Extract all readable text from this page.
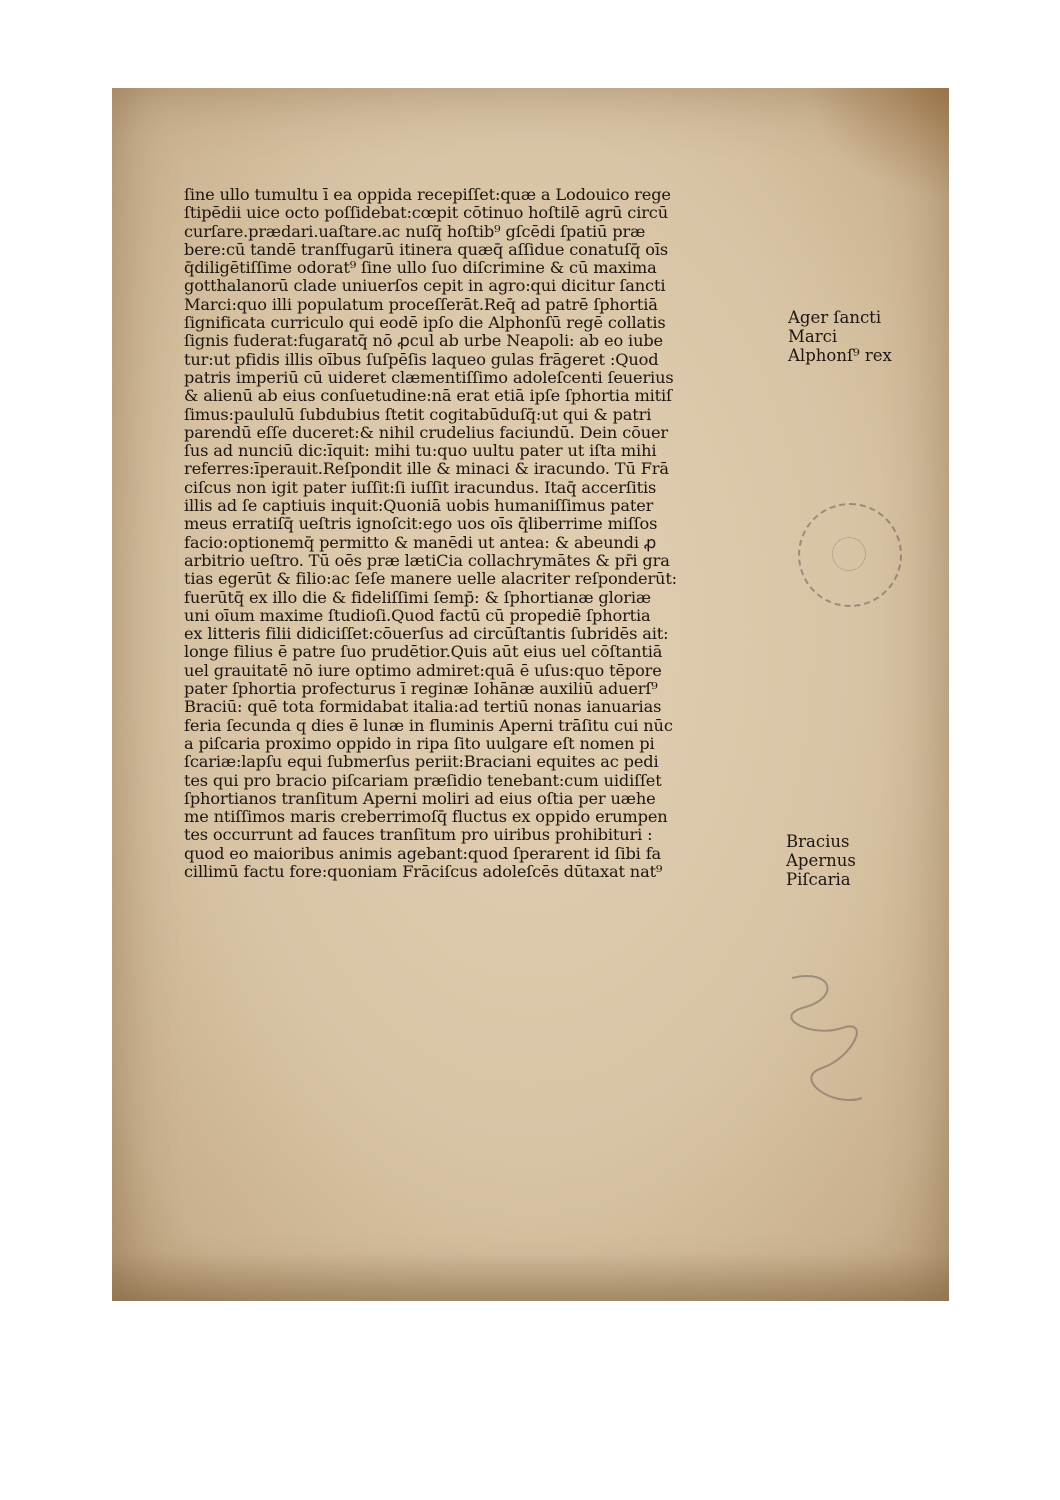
ſine ullo tumultu ī ea oppida recepiſſet:quæ a Lodouico rege
ſtipēdii uice octo poſſidebat:cœpit cōtinuo hoſtilē agrū circū
curſare.prædari.uaſtare.ac nuſq̄ hoſtib⁹ gſcēdi ſpatiū præ
bere:cū tandē tranſfugarū itinera quæq̄ aſſidue conatuſq̄ oīs
q̄diligētiſſime odorat⁹ ſine ullo ſuo diſcrimine & cū maxima
gotthalanorū clade uniuerſos cepit in agro:qui dicitur ſancti
Marci:quo illi populatum proceſſerāt.Req̄ ad patrē ſphortiā
ſignificata curriculo qui eodē ipſo die Alphonſū regē collatis
ſignis fuderat:fugaratq̄ nō ꝓcul ab urbe Neapoli: ab eo iube
tur:ut pfidis illis oībus ſuſpēſis laqueo gulas frāgeret :Quod
patris imperiū cū uideret clæmentiſſimo adoleſcenti ſeuerius
& alienū ab eius conſuetudine:nā erat etiā ipſe ſphortia mitiſ
ſimus:paululū ſubdubius ſtetit cogitabūduſq̄:ut qui & patri
parendū eſſe duceret:& nihil crudelius faciundū. Dein cōuer
ſus ad nunciū dic:īquit: mihi tu:quo uultu pater ut iſta mihi
referres:īperauit.Reſpondit ille & minaci & iracundo. Tū Frā
ciſcus non igit pater iuſſit:ſi iuſſit iracundus. Itaq̄ accerſitis
illis ad ſe captiuis inquit:Quoniā uobis humaniſſimus pater
meus erratiſq̄ ueſtris ignoſcit:ego uos oīs q̄liberrime miſſos
facio:optionemq̄ permitto & manēdi ut antea: & abeundi ꝓ
arbitrio ueſtro. Tū oēs præ lætiCia collachrymātes & pr̄i gra
tias egerūt & filio:ac ſeſe manere uelle alacriter reſponderūt:
fuerūtq̄ ex illo die & fideliſſimi ſemp̄: & ſphortianæ gloriæ
uni oīum maxime ſtudioſi.Quod factū cū propediē ſphortia
ex litteris filii didiciſſet:cōuerſus ad circūſtantis ſubridēs ait:
longe filius ē patre ſuo prudētior.Quis aūt eius uel cōſtantiā
uel grauitatē nō iure optimo admiret:quā ē uſus:quo tēpore
pater ſphortia profecturus ī reginæ Iohānæ auxiliū aduerſ⁹
Braciū: quē tota formidabat italia:ad tertiū nonas ianuarias
feria ſecunda q dies ē lunæ in fluminis Aperni trāſitu cui nūc
a piſcaria proximo oppido in ripa ſito uulgare eſt nomen pi
ſcariæ:lapſu equi ſubmerſus periit:Braciani equites ac pedi
tes qui pro bracio piſcariam præſidio tenebant:cum uidiſſet
ſphortianos tranſitum Aperni moliri ad eius oſtia per uæhe
me ntiſſimos maris creberrimoſq̄ fluctus ex oppido erumpen
tes occurrunt ad fauces tranſitum pro uiribus prohibituri :
quod eo maioribus animis agebant:quod ſperarent id ſibi fa
cillimū factu fore:quoniam Frāciſcus adoleſcēs dūtaxat nat⁹
Ager ſancti
Marci
Alphonſ⁹ rex
Bracius
Apernus
Piſcaria
